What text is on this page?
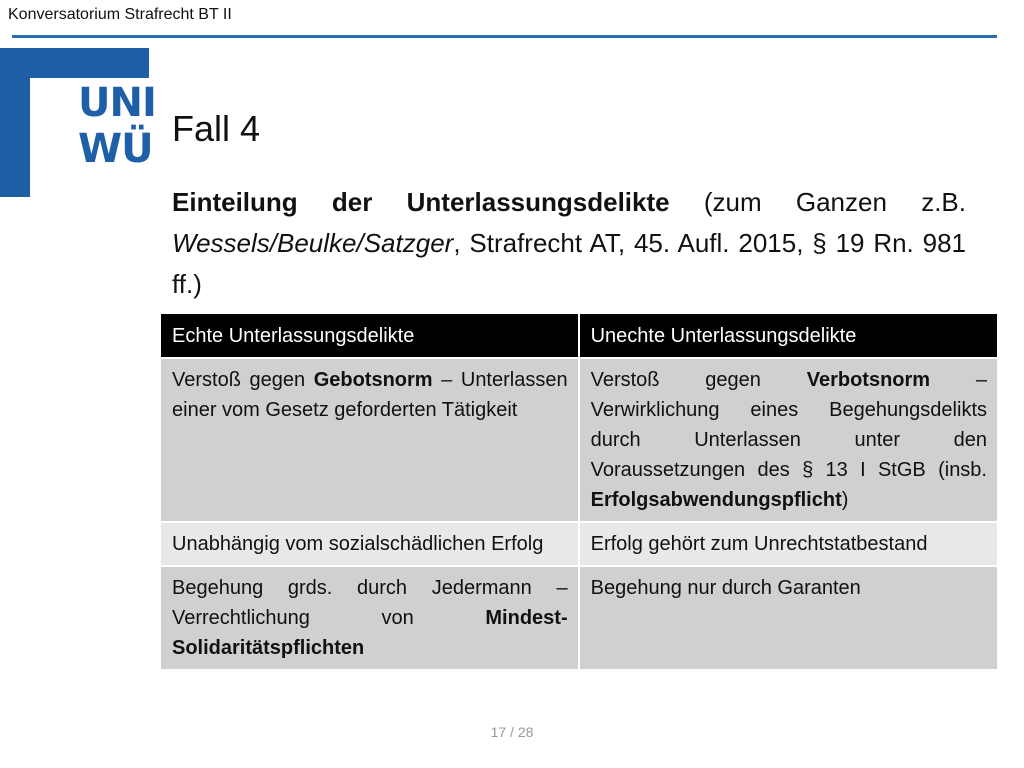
Konversatorium Strafrecht BT II
UNI
WÜ Fall 4
Einteilung der Unterlassungsdelikte (zum Ganzen z.B. Wessels/Beulke/Satzger, Strafrecht AT, 45. Aufl. 2015, § 19 Rn. 981 ff.)
Echte Unterlassungsdelikte	Unechte Unterlassungsdelikte
Verstoß gegen Gebotsnorm – Unterlassen einer vom Gesetz geforderten Tätigkeit	Verstoß gegen Verbotsnorm – Verwirklichung eines Begehungsdelikts durch Unterlassen unter den Voraussetzungen des § 13 I StGB (insb. Erfolgsabwendungspflicht)
Unabhängig vom sozialschädlichen Erfolg	Erfolg gehört zum Unrechtstatbestand
Begehung grds. durch Jedermann – Verrechtlichung von Mindest-Solidaritätspflichten	Begehung nur durch Garanten
17 / 28
